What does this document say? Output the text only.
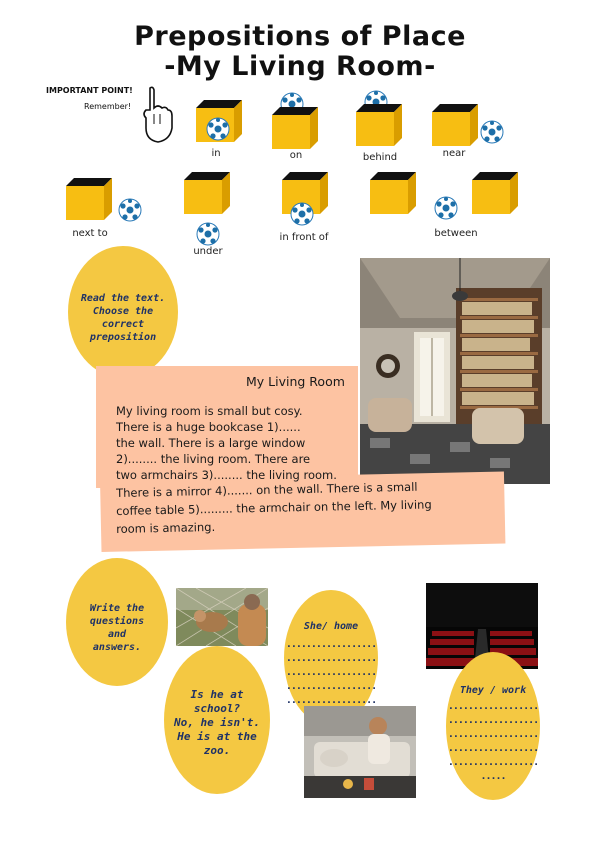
Prepositions of Place
-My Living Room-
IMPORTANT POINT!
Remember!
in	on	behind	near
next to
under
in front of	between
Read the text.
Choose the
correct
preposition
My Living Room
My living room is small but cosy.
There is a huge bookcase 1)......
the wall. There is a large window
2)........ the living room. There are
two armchairs 3)........ the living room.
There is a mirror 4)....... on the wall. There is a small
coffee table 5)......... the armchair on the left. My living
room is amazing.
Write the
questions
and
answers.
Is he at
school?
No, he isn't.
He is at the
zoo.
She/ home
..................
..................
..................
..................
..................
They / work
..................
..................
..................
..................
..................
.....
